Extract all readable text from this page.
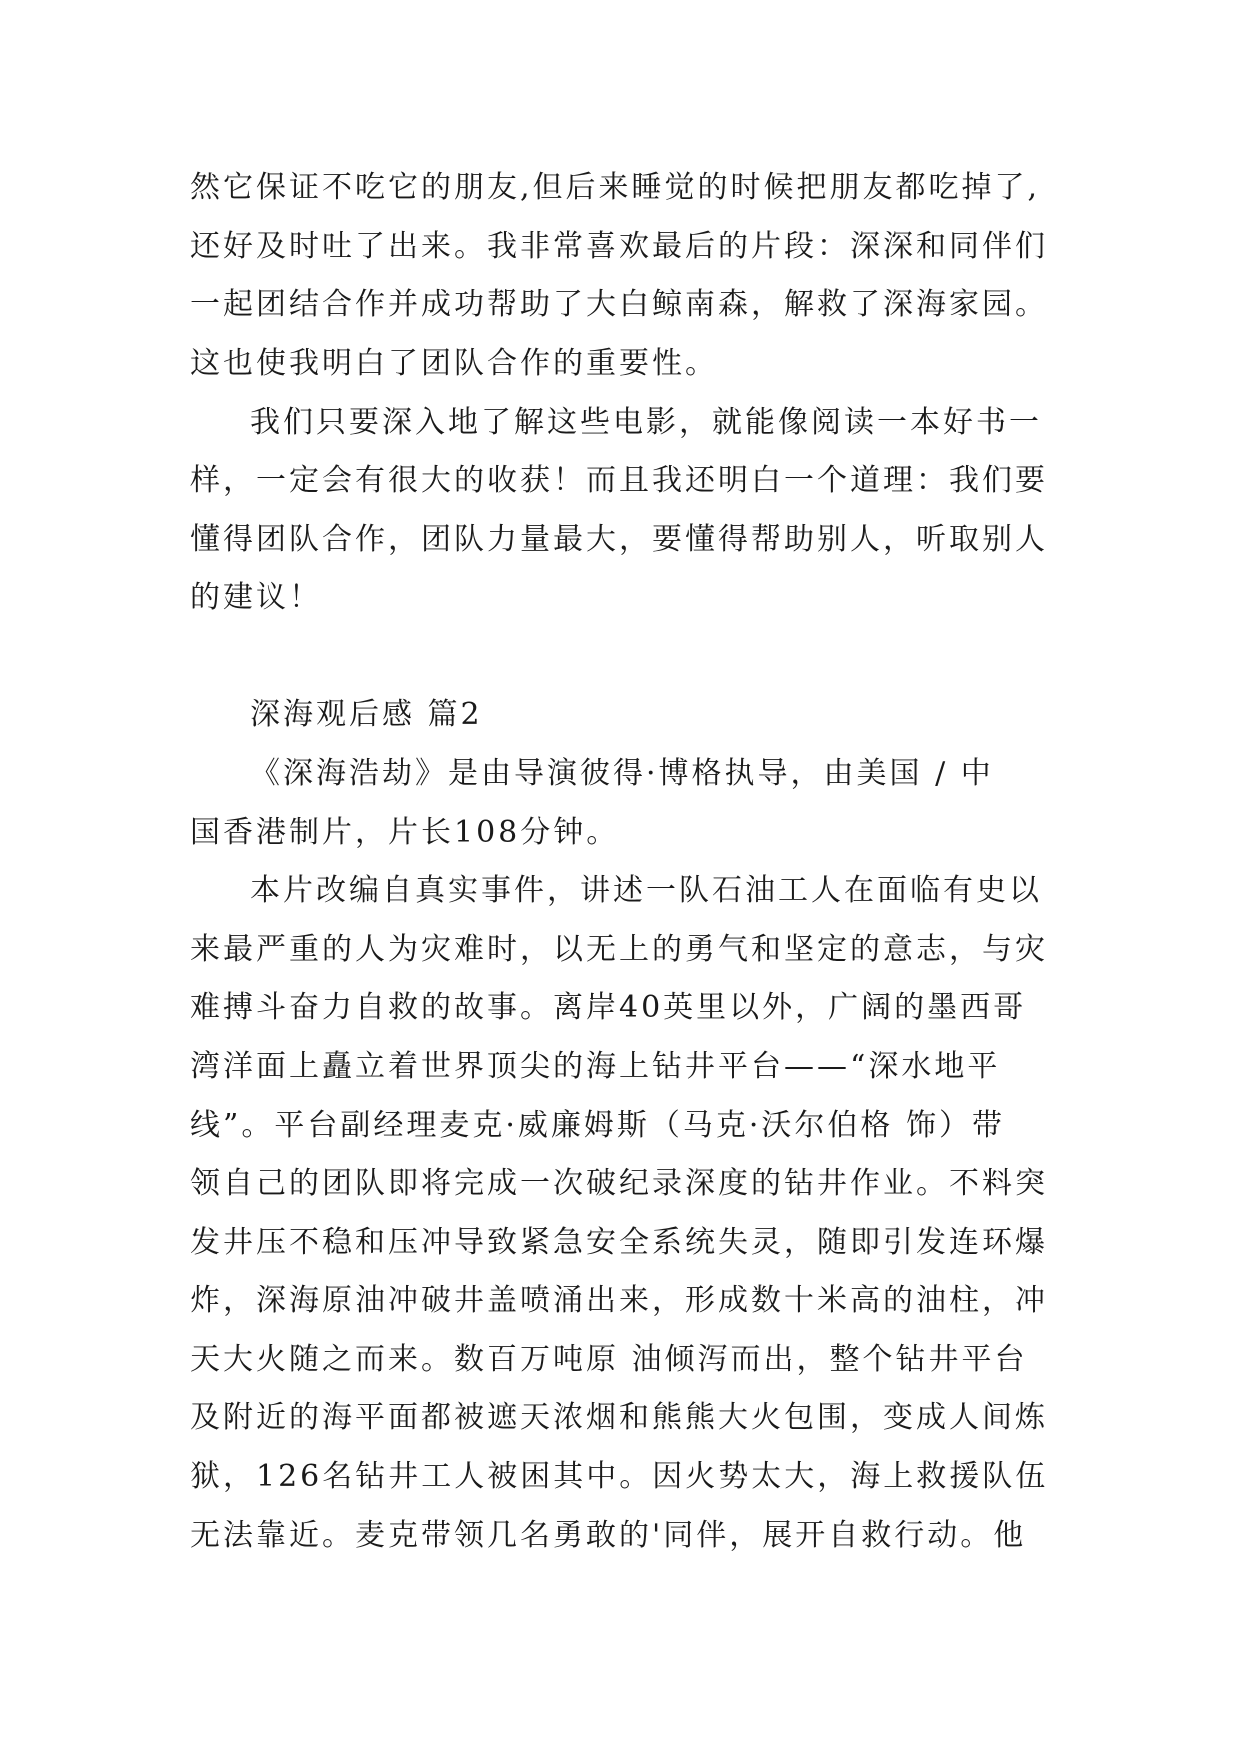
然它保证不吃它的朋友,但后来睡觉的时候把朋友都吃掉了,
还好及时吐了出来。我非常喜欢最后的片段：深深和同伴们
一起团结合作并成功帮助了大白鲸南森，解救了深海家园。
这也使我明白了团队合作的重要性。
我们只要深入地了解这些电影，就能像阅读一本好书一
样，一定会有很大的收获！而且我还明白一个道理：我们要
懂得团队合作，团队力量最大，要懂得帮助别人，听取别人
的建议！
深海观后感 篇2
《深海浩劫》是由导演彼得·博格执导，由美国 / 中
国香港制片，片长108分钟。
本片改编自真实事件，讲述一队石油工人在面临有史以
来最严重的人为灾难时，以无上的勇气和坚定的意志，与灾
难搏斗奋力自救的故事。离岸40英里以外，广阔的墨西哥
湾洋面上矗立着世界顶尖的海上钻井平台——“深水地平
线”。平台副经理麦克·威廉姆斯（马克·沃尔伯格 饰）带
领自己的团队即将完成一次破纪录深度的钻井作业。不料突
发井压不稳和压冲导致紧急安全系统失灵，随即引发连环爆
炸，深海原油冲破井盖喷涌出来，形成数十米高的油柱，冲
天大火随之而来。数百万吨原 油倾泻而出，整个钻井平台
及附近的海平面都被遮天浓烟和熊熊大火包围，变成人间炼
狱，126名钻井工人被困其中。因火势太大，海上救援队伍
无法靠近。麦克带领几名勇敢的'同伴，展开自救行动。他
